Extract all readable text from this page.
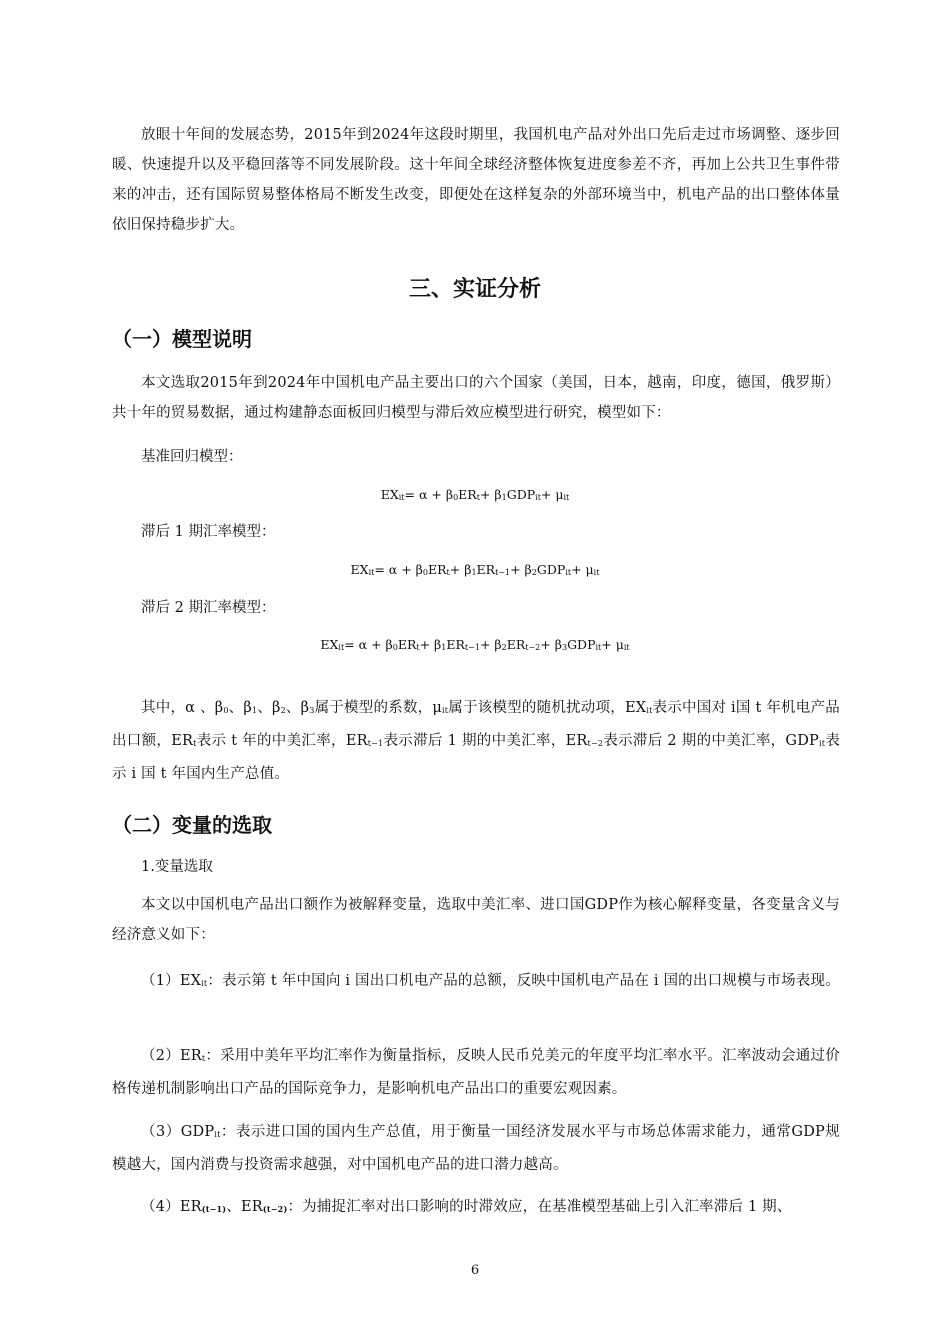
放眼十年间的发展态势，2015年到2024年这段时期里，我国机电产品对外出口先后走过市场调整、逐步回暖、快速提升以及平稳回落等不同发展阶段。这十年间全球经济整体恢复进度参差不齐，再加上公共卫生事件带来的冲击，还有国际贸易整体格局不断发生改变，即便处在这样复杂的外部环境当中，机电产品的出口整体体量依旧保持稳步扩大。

三、实证分析
（一）模型说明

本文选取2015年到2024年中国机电产品主要出口的六个国家（美国，日本，越南，印度，德国，俄罗斯）共十年的贸易数据，通过构建静态面板回归模型与滞后效应模型进行研究，模型如下：

基准回归模型：

$EX_{it}= \alpha + \beta_0ER_t+ \beta_1GDP_{it}+ \mu_{it}$

滞后 1 期汇率模型：

$EX_{it}= \alpha + \beta_0ER_t+ \beta_1ER_{t-1}+ \beta_2GDP_{it}+ \mu_{it}$

滞后 2 期汇率模型：

$EX_{it}= \alpha + \beta_0ER_t+ \beta_1ER_{t-1}+ \beta_2ER_{t-2}+ \beta_3GDP_{it}+ \mu_{it}$

其中，α 、$\beta_0$、$\beta_1$、$\beta_2$、$\beta_3$属于模型的系数，$\mu_{it}$属于该模型的随机扰动项，$EX_{it}$表示中国对 i国 t 年机电产品出口额，$ER_t$表示 t 年的中美汇率，$ER_{t-1}$表示滞后 1 期的中美汇率，$ER_{t-2}$表示滞后 2 期的中美汇率，$GDP_{it}$表示 i 国 t 年国内生产总值。

（二）变量的选取

1.变量选取

本文以中国机电产品出口额作为被解释变量，选取中美汇率、进口国GDP作为核心解释变量，各变量含义与经济意义如下：

$(1)EX_{it}$：表示第 t 年中国向 i 国出口机电产品的总额，反映中国机电产品在 i 国的出口规模与市场表现。

$(2)ER_t$：采用中美年平均汇率作为衡量指标，反映人民币兑美元的年度平均汇率水平。汇率波动会通过价格传递机制影响出口产品的国际竞争力，是影响机电产品出口的重要宏观因素。

$(3)GDP_{it}$：表示进口国的国内生产总值，用于衡量一国经济发展水平与市场总体需求能力，通常GDP规模越大，国内消费与投资需求越强，对中国机电产品的进口潜力越高。

$(4)ER_{(t-1)}$、$ER_{(t-2)}$：为捕捉汇率对出口影响的时滞效应，在基准模型基础上引入汇率滞后 1 期、

6
